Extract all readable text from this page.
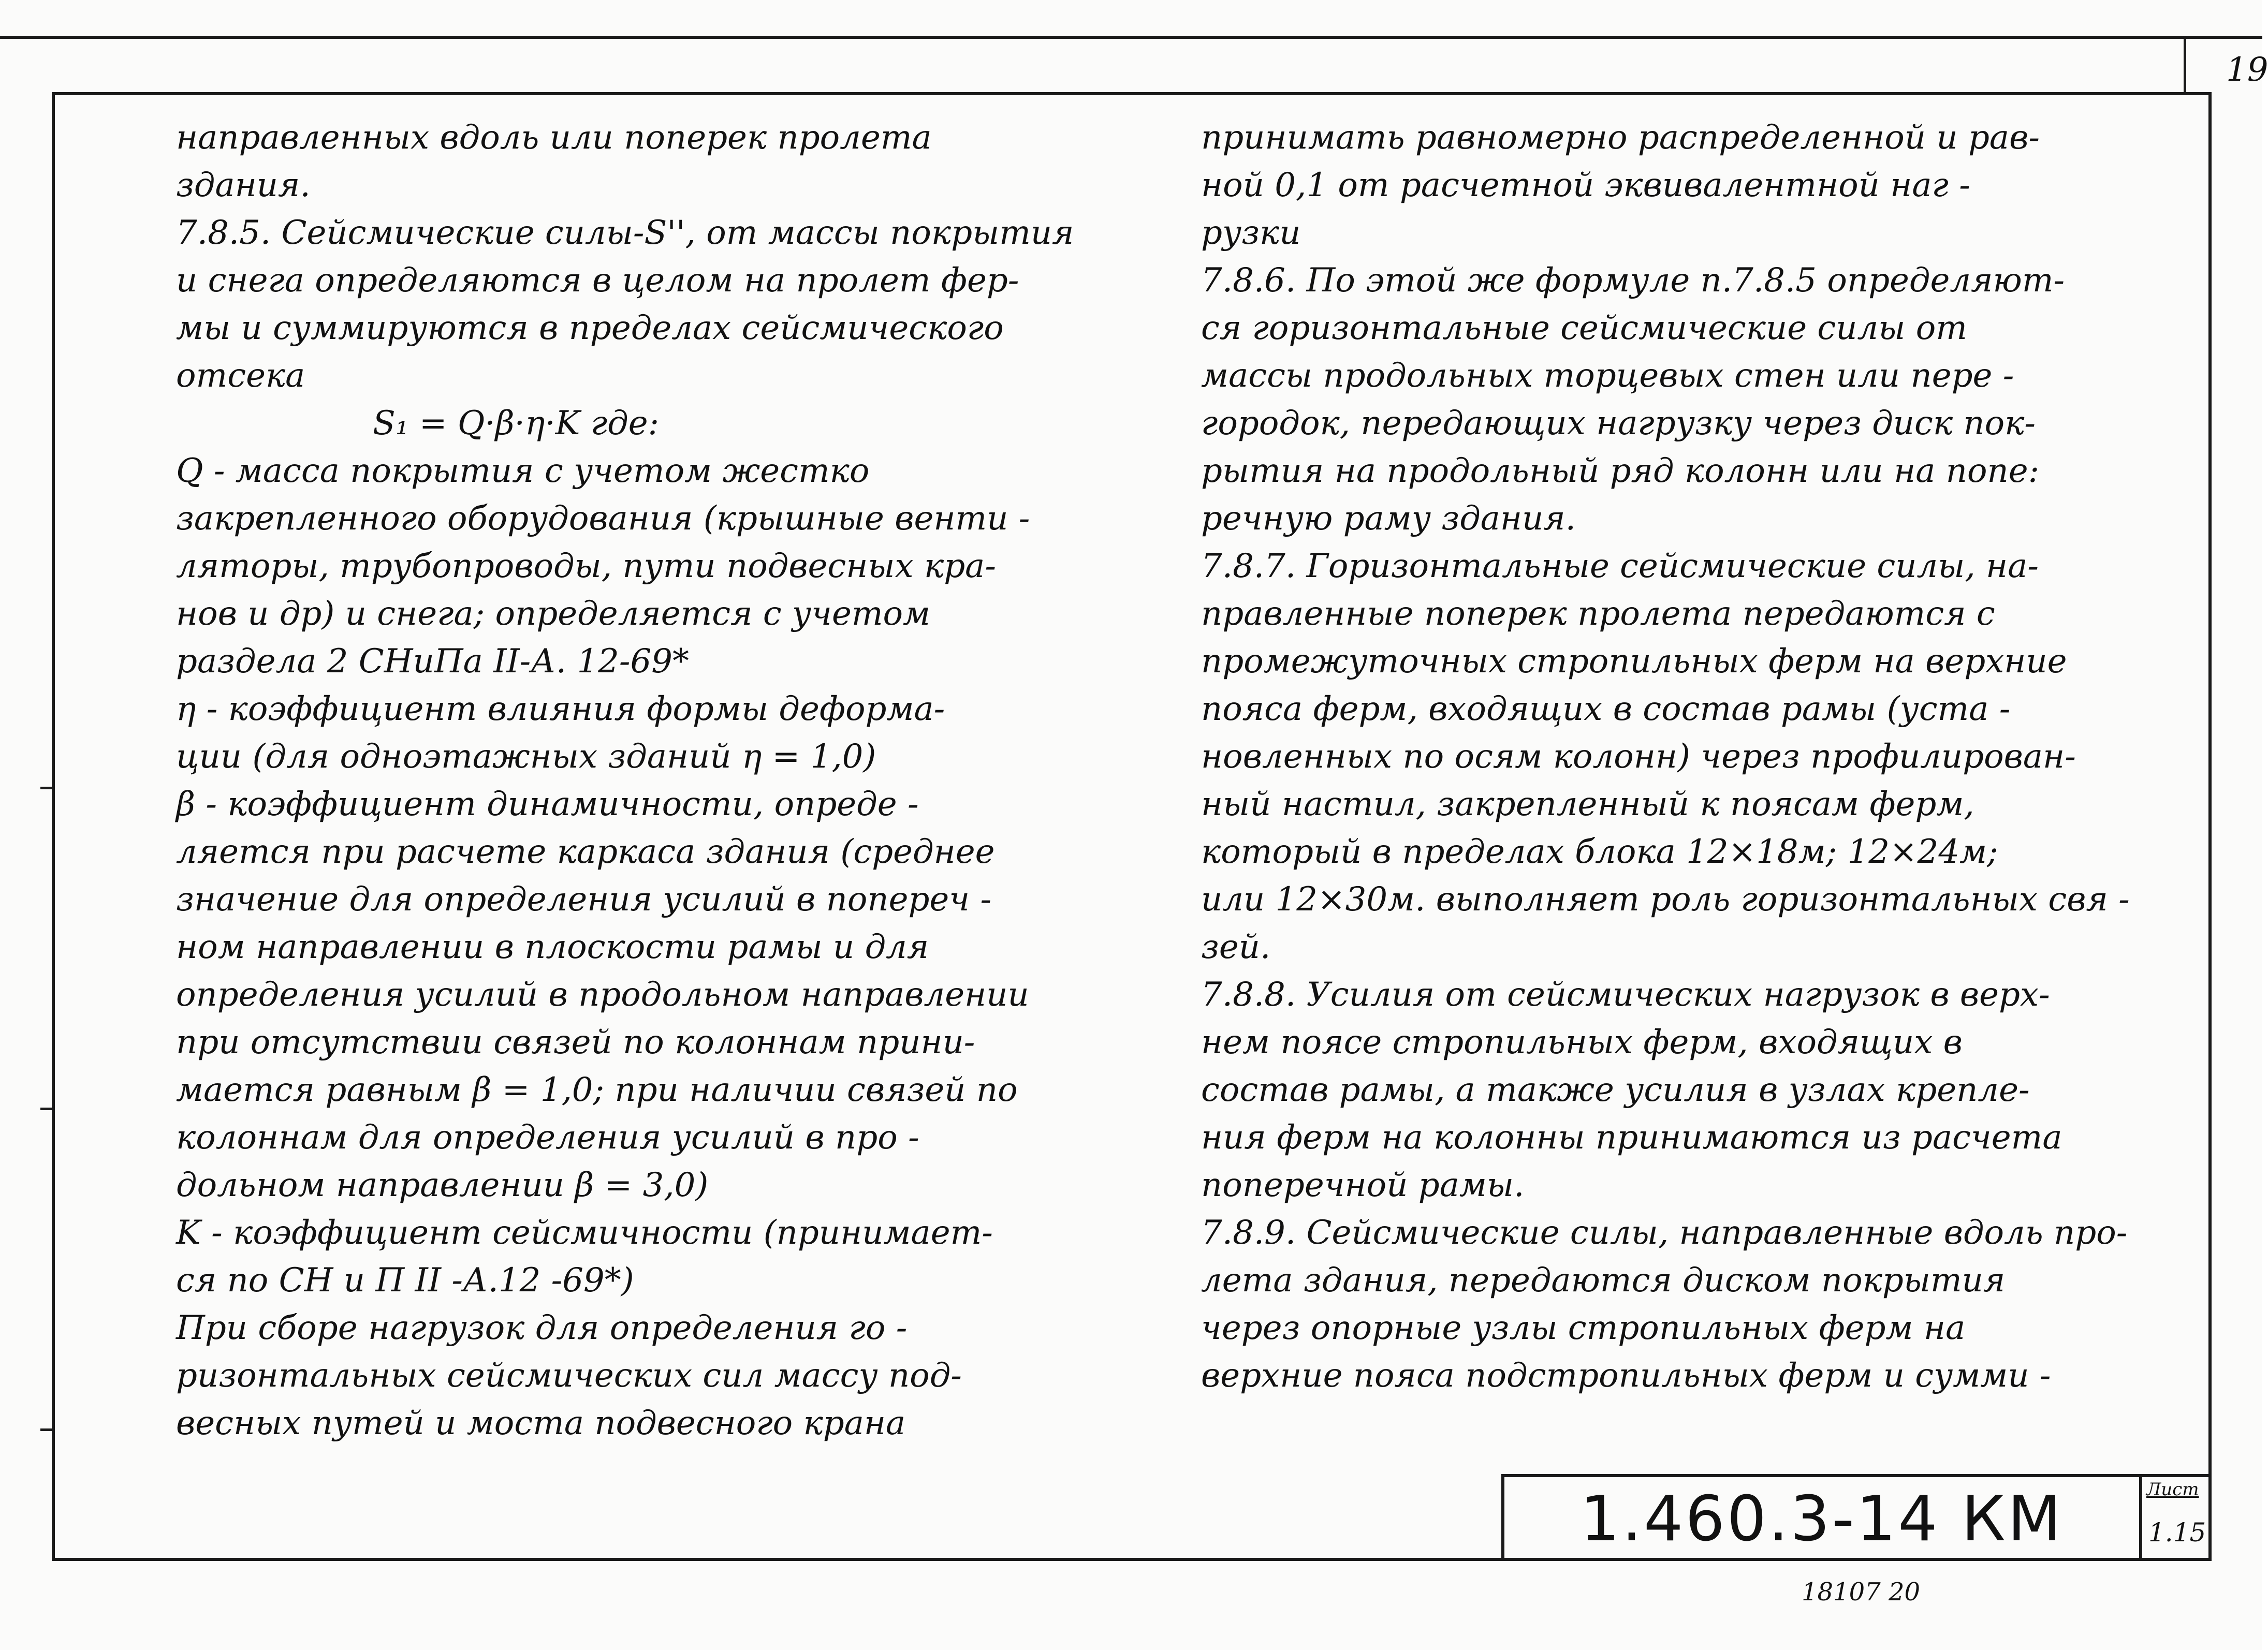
19

направленных вдоль или поперек пролета

здания.

7.8.5. Сейсмические силы-S'', от массы покрытия

и снега определяются в целом на пролет фер-

мы и суммируются в пределах сейсмического

отсека

S₁ = Q·β·η·K где:

Q - масса покрытия с учетом жестко

закрепленного оборудования (крышные венти -

ляторы, трубопроводы, пути подвесных кра-

нов и др) и снега; определяется с учетом

раздела 2 СНиПа II-А. 12-69*

η - коэффициент влияния формы деформа-

ции (для одноэтажных зданий η = 1,0)

β - коэффициент динамичности, опреде -

ляется при расчете каркаса здания (среднее

значение для определения усилий в попереч -

ном направлении в плоскости рамы и для

определения усилий в продольном направлении

при отсутствии связей по колоннам прини-

мается равным β = 1,0; при наличии связей по

колоннам для определения усилий в про -

дольном направлении β = 3,0)

K - коэффициент сейсмичности (принимает-

ся по СН и П II -А.12 -69*)

При сборе нагрузок для определения го -

ризонтальных сейсмических сил массу под-

весных путей и моста подвесного крана

принимать равномерно распределенной и рав-

ной 0,1 от расчетной эквивалентной наг -

рузки

7.8.6. По этой же формуле п.7.8.5 определяют-

ся горизонтальные сейсмические силы от

массы продольных торцевых стен или пере -

городок, передающих нагрузку через диск пок-

рытия на продольный ряд колонн или на попе:

речную раму здания.

7.8.7. Горизонтальные сейсмические силы, на-

правленные поперек пролета передаются с

промежуточных стропильных ферм на верхние

пояса ферм, входящих в состав рамы (уста -

новленных по осям колонн) через профилирован-

ный настил, закрепленный к поясам ферм,

который в пределах блока 12×18м; 12×24м;

или 12×30м. выполняет роль горизонтальных свя -

зей.

7.8.8. Усилия от сейсмических нагрузок в верх-

нем поясе стропильных ферм, входящих в

состав рамы, а также усилия в узлах крепле-

ния ферм на колонны принимаются из расчета

поперечной рамы.

7.8.9. Сейсмические силы, направленные вдоль про-

лета здания, передаются диском покрытия

через опорные узлы стропильных ферм на

верхние пояса подстропильных ферм и сумми -

1.460.3-14 КМ	Лист
1.15
18107 20
